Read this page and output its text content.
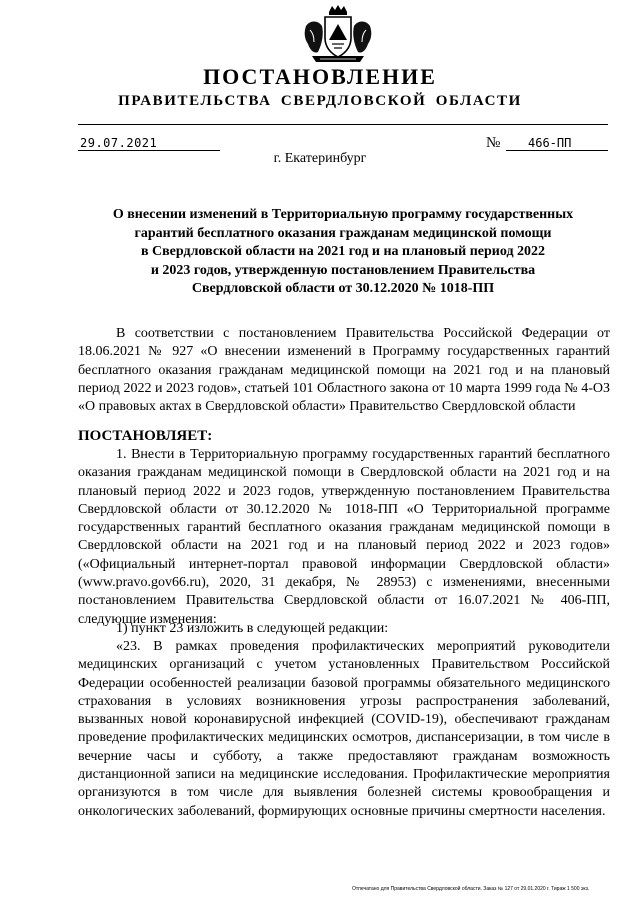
ПОСТАНОВЛЕНИЕ
ПРАВИТЕЛЬСТВА СВЕРДЛОВСКОЙ ОБЛАСТИ
29.07.2021	№	466-ПП
г. Екатеринбург
О внесении изменений в Территориальную программу государственных
гарантий бесплатного оказания гражданам медицинской помощи
в Свердловской области на 2021 год и на плановый период 2022
и 2023 годов, утвержденную постановлением Правительства
Свердловской области от 30.12.2020 № 1018-ПП

В соответствии с постановлением Правительства Российской Федерации от 18.06.2021 № 927 «О внесении изменений в Программу государственных гарантий бесплатного оказания гражданам медицинской помощи на 2021 год и на плановый период 2022 и 2023 годов», статьей 101 Областного закона от 10 марта 1999 года № 4-ОЗ «О правовых актах в Свердловской области» Правительство Свердловской области

ПОСТАНОВЛЯЕТ:

1. Внести в Территориальную программу государственных гарантий бесплатного оказания гражданам медицинской помощи в Свердловской области на 2021 год и на плановый период 2022 и 2023 годов, утвержденную постановлением Правительства Свердловской области от 30.12.2020 № 1018-ПП «О Территориальной программе государственных гарантий бесплатного оказания гражданам медицинской помощи в Свердловской области на 2021 год и на плановый период 2022 и 2023 годов» («Официальный интернет-портал правовой информации Свердловской области» (www.pravo.gov66.ru), 2020, 31 декабря, № 28953) с изменениями, внесенными постановлением Правительства Свердловской области от 16.07.2021 № 406-ПП, следующие изменения:

1) пункт 23 изложить в следующей редакции:

«23. В рамках проведения профилактических мероприятий руководители медицинских организаций с учетом установленных Правительством Российской Федерации особенностей реализации базовой программы обязательного медицинского страхования в условиях возникновения угрозы распространения заболеваний, вызванных новой коронавирусной инфекцией (COVID-19), обеспечивают гражданам проведение профилактических медицинских осмотров, диспансеризации, в том числе в вечерние часы и субботу, а также предоставляют гражданам возможность дистанционной записи на медицинские исследования. Профилактические мероприятия организуются в том числе для выявления болезней системы кровообращения и онкологических заболеваний, формирующих основные причины смертности населения.

Отпечатано для Правительства Свердловской области. Заказ № 127 от 29.01.2020 г. Тираж 1 500 экз.
